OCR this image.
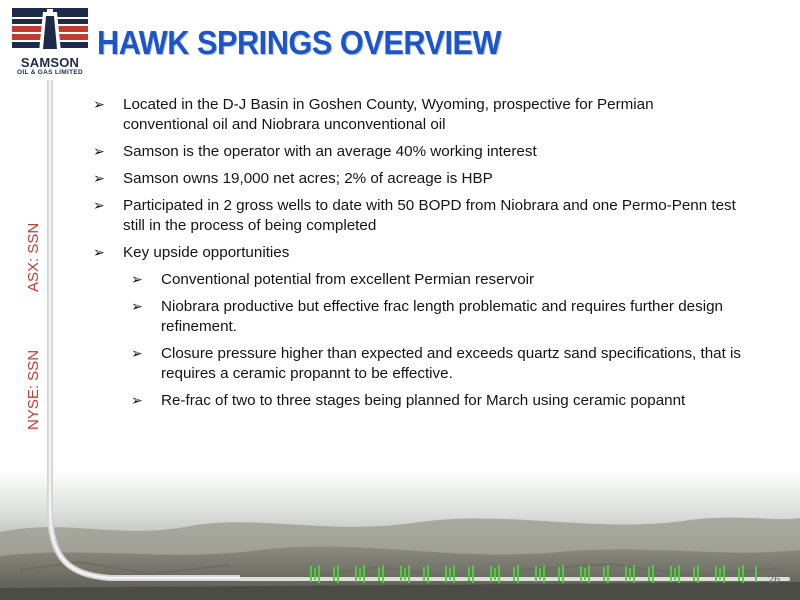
SAMSON
OIL & GAS LIMITED
HAWK SPRINGS OVERVIEW
ASX: SSN
NYSE: SSN
➢ Located in the D-J Basin in Goshen County, Wyoming, prospective for Permian conventional oil and Niobrara unconventional oil
➢ Samson is the operator with an average 40% working interest
➢ Samson owns 19,000 net acres; 2% of acreage is HBP
➢ Participated in 2 gross wells to date with 50 BOPD from Niobrara and one Permo-Penn test still in the process of being completed
➢ Key upside opportunities
➢ Conventional potential from excellent Permian reservoir
➢ Niobrara productive but effective frac length problematic and requires further design refinement.
➢ Closure pressure higher than expected and exceeds quartz sand specifications, that is requires a ceramic propannt to be effective.
➢ Re-frac of two to three stages being planned for March using ceramic popannt
26
